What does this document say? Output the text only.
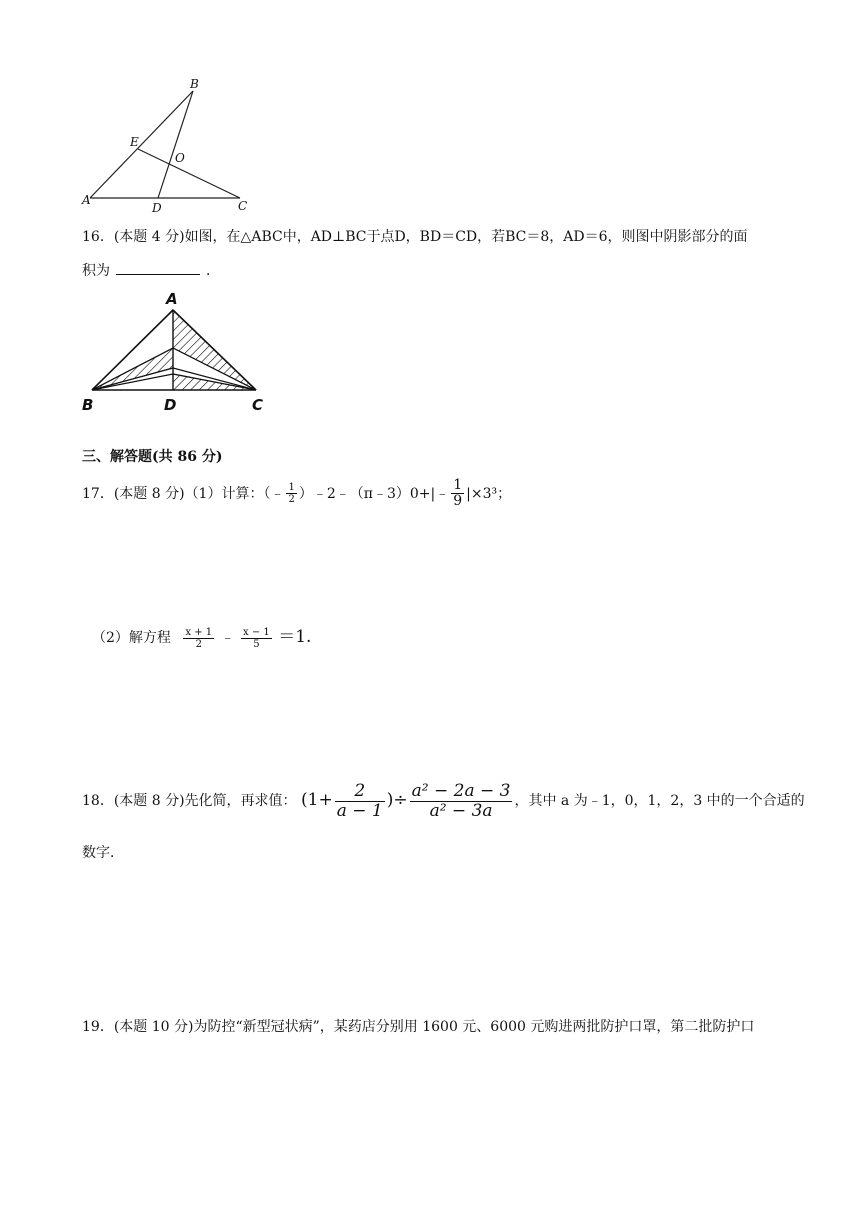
B
E
O
A
D	C
16．(本题 4 分)如图，在△ABC中，AD⊥BC于点D，BD＝CD，若BC＝8，AD＝6，则图中阴影部分的面
积为	．
A
B	D	C
三、解答题(共 86 分)
17．(本题 8 分)（1）计算：（﹣ $\frac{1}{2}$ ）﹣2﹣（π﹣3）0+|﹣ $\frac{1}{9} |\times 3^3$；
（2）解方程 $\frac{x + 1}{2}$ ﹣ $\frac{x - 1}{5} =1$.
18．(本题 8 分)先化简，再求值： ($1+ \frac{2}{a - 1}$ )÷ $\frac{\text{a² − 2a − 3}}{\text{a² − 3a}}$ ，其中 a 为﹣1，0，1，2，3 中的一个合适的
数字．
19．(本题 10 分)为防控“新型冠状病”，某药店分别用 1600 元、6000 元购进两批防护口罩，第二批防护口
